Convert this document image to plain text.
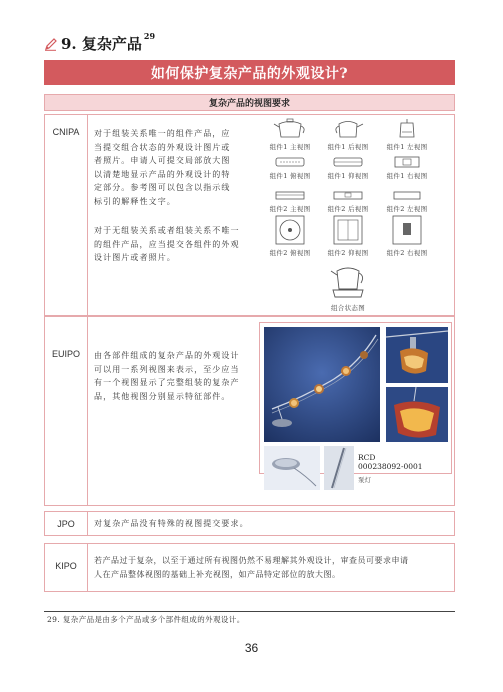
9. 复杂产品 $^{29}$
如何保护复杂产品的外观设计?
复杂产品的视图要求
CNIPA 对于组装关系唯一的组件产品，应
当提交组合状态的外观设计图片或
者照片。申请人可提交局部放大图
以清楚地显示产品的外观设计的特
定部分。参考图可以包含以指示线
标引的解释性文字。
对于无组装关系或者组装关系不唯一
的组件产品，应当提交各组件的外观
设计图片或者照片。
组件1 主视图	组件1 后视图	组件1 左视图
组件1 俯视图	组件1 仰视图	组件1 右视图
组件2 主视图	组件2 后视图	组件2 左视图
组件2 俯视图	组件2 仰视图	组件2 右视图
组合状态图
EUIPO 由各部件组成的复杂产品的外观设计
可以用一系列视图来表示，至少应当
有一个视图显示了完整组装的复杂产
品，其他视图分别显示特征部件。
RCD
000238092-0001
泵灯
JPO 对复杂产品没有特殊的视图提交要求。
KIPO
若产品过于复杂，以至于通过所有视图仍然不易理解其外观设计，审查员可要求申请
人在产品整体视图的基础上补充视图，如产品特定部位的放大图。
29. 复杂产品是由多个产品或多个部件组成的外观设计。
36
